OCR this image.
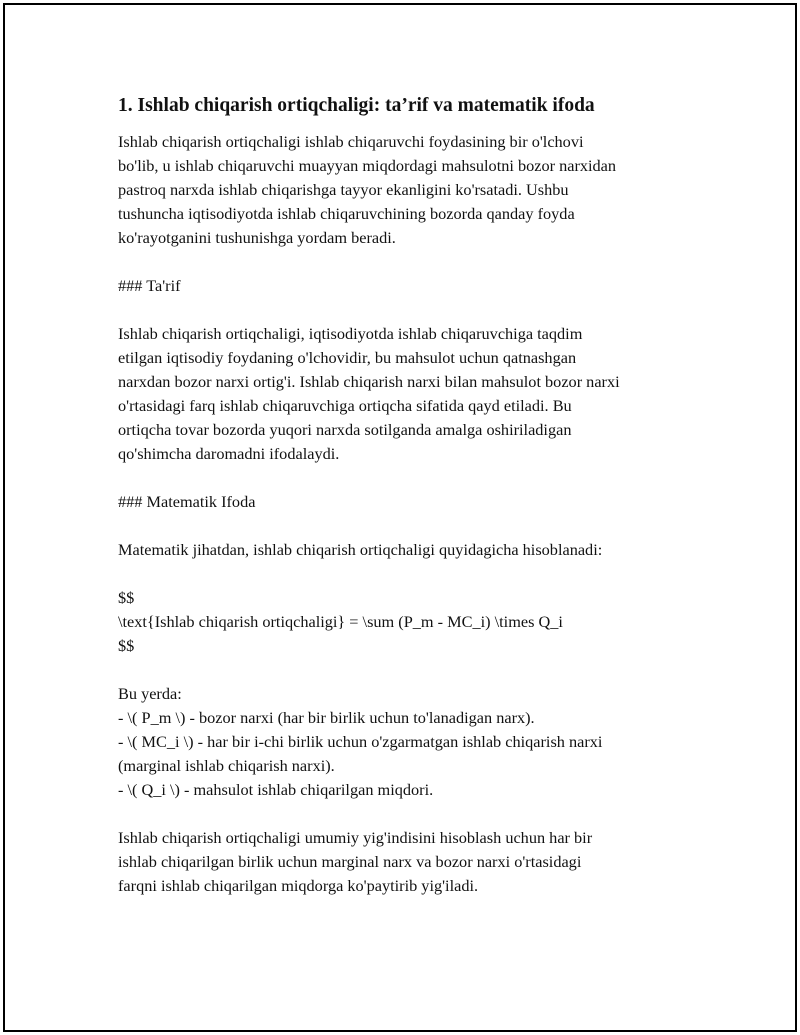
1. Ishlab chiqarish ortiqchaligi: ta’rif va matematik ifoda

Ishlab chiqarish ortiqchaligi ishlab chiqaruvchi foydasining bir o'lchovi
bo'lib, u ishlab chiqaruvchi muayyan miqdordagi mahsulotni bozor narxidan
pastroq narxda ishlab chiqarishga tayyor ekanligini ko'rsatadi. Ushbu
tushuncha iqtisodiyotda ishlab chiqaruvchining bozorda qanday foyda
ko'rayotganini tushunishga yordam beradi.

### Ta'rif

Ishlab chiqarish ortiqchaligi, iqtisodiyotda ishlab chiqaruvchiga taqdim
etilgan iqtisodiy foydaning o'lchovidir, bu mahsulot uchun qatnashgan
narxdan bozor narxi ortig'i. Ishlab chiqarish narxi bilan mahsulot bozor narxi
o'rtasidagi farq ishlab chiqaruvchiga ortiqcha sifatida qayd etiladi. Bu
ortiqcha tovar bozorda yuqori narxda sotilganda amalga oshiriladigan
qo'shimcha daromadni ifodalaydi.

### Matematik Ifoda

Matematik jihatdan, ishlab chiqarish ortiqchaligi quyidagicha hisoblanadi:

$$
\text{Ishlab chiqarish ortiqchaligi} = \sum (P_m - MC_i) \times Q_i
$$

Bu yerda:
- \( P_m \) - bozor narxi (har bir birlik uchun to'lanadigan narx).
- \( MC_i \) - har bir i-chi birlik uchun o'zgarmatgan ishlab chiqarish narxi
(marginal ishlab chiqarish narxi).
- \( Q_i \) - mahsulot ishlab chiqarilgan miqdori.

Ishlab chiqarish ortiqchaligi umumiy yig'indisini hisoblash uchun har bir
ishlab chiqarilgan birlik uchun marginal narx va bozor narxi o'rtasidagi
farqni ishlab chiqarilgan miqdorga ko'paytirib yig'iladi.
